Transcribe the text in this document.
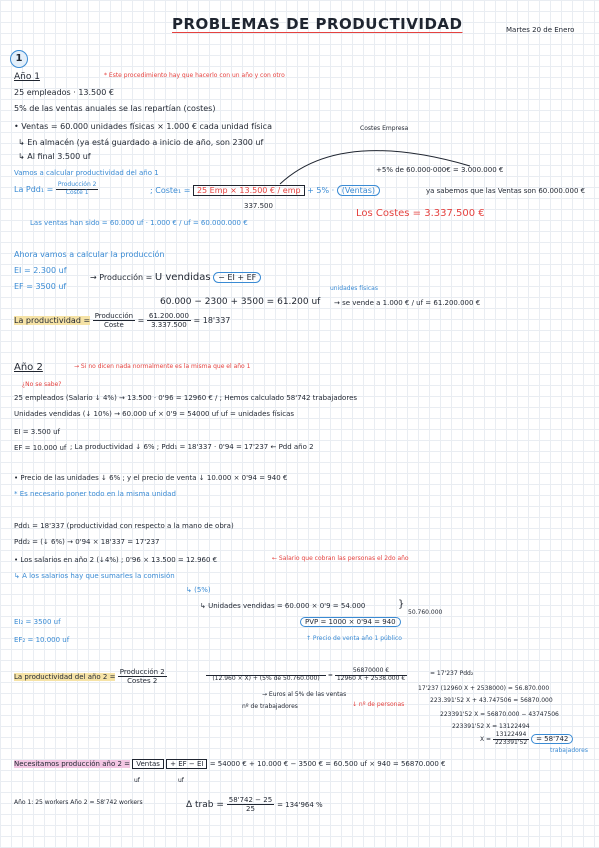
PROBLEMAS DE PRODUCTIVIDAD	Martes 20 de Enero
1
Año 1	* Este procedimiento hay que hacerlo con un año y con otro
25 empleados · 13.500 €
5% de las ventas anuales se las repartían (costes)
• Ventas = 60.000 unidades físicas × 1.000 € cada unidad física
↳ En almacén (ya está guardado a inicio de año, son 2300 uf
↳ Al final 3.500 uf
Costes Empresa
+5% de 60.000·000€ = 3.000.000 €
Vamos a calcular productividad del año 1
La $Pdd_1 = \frac{\text{Producción 2}}{\text{Coste 1}}$	; Coste₁ = 25 Emp × 13.500 € / emp + 5% · (Ventas)	ya sabemos que las Ventas son 60.000.000 €
337.500
Los Costes = 3.337.500 €
Las ventas han sido = 60.000 uf · 1.000 € / uf = 60.000.000 €
Ahora vamos a calcular la producción
EI = 2.300 uf
EF = 3500 uf
→ Producción = U vendidas − EI + EF
unidades físicas
60.000 − 2300 + 3500 = 61.200 uf → se vende a 1.000 € / uf = 61.200.000 €
La productividad = $\frac{\text{Producción}}{\text{Coste}} = \frac{61.200.000}{3.337.500} = 18'337$
Año 2	→ Si no dicen nada normalmente es la misma que el año 1
¿No se sabe?
25 empleados (Salario ↓ 4%) → 13.500 · 0'96 = 12960 € / ; Hemos calculado 58'742 trabajadores
Unidades vendidas (↓ 10%) → 60.000 uf × 0'9 = 54000 uf uf = unidades físicas
EI = 3.500 uf
EF = 10.000 uf ; La productividad ↓ 6% ; Pdd₁ = 18'337 · 0'94 = 17'237 ← Pdd año 2
• Precio de las unidades ↓ 6% ; y el precio de venta ↓ 10.000 × 0'94 = 940 €
* Es necesario poner todo en la misma unidad
Pdd₁ = 18'337 (productividad con respecto a la mano de obra)
Pdd₂ = (↓ 6%) → 0'94 × 18'337 = 17'237
• Los salarios en año 2 (↓4%) ; 0'96 × 13.500 = 12.960 €	← Salario que cobran las personas el 2do año
↳ A los salarios hay que sumarles la comisión
↳ (5%)
↳ Unidades vendidas = 60.000 × 0'9 = 54.000
PVP = 1000 × 0'94 = 940
}
50.760.000
↑ Precio de venta año 1 público
EI₂ = 3500 uf
EF₂ = 10.000 uf
La productividad del año $2 = \frac{\text{Producción 2}}{\text{Costes 2}}$
	(12.960 × X) + (5% de 50.760.000)	= $\frac{56870000 €}{12960 X + 2538.000 €}$	= 17'237 Pdd₂
17'237 (12960 X + 2538000) = 56.870.000
223.391'52 X + 43.747506 = 56870.000
223391'52 X = 56870.000 − 43747506
223391'52 X = 13122494
$X = \frac{13122494}{223391'52} = 58'742$
trabajadores
→ Euros al 5% de las ventas
nº de trabajadores	↓ nº de personas
Necesitamos producción año 2 = Ventas + EF − EI = 54000 € + 10.000 € − 3500 € = 60.500 uf × 940 = 56870.000 €
uf	uf
Año 1: 25 workers Año 2 = 58'742 workers	Δ trab = $\frac{58'742 - 25}{25} = 134'964$ %
